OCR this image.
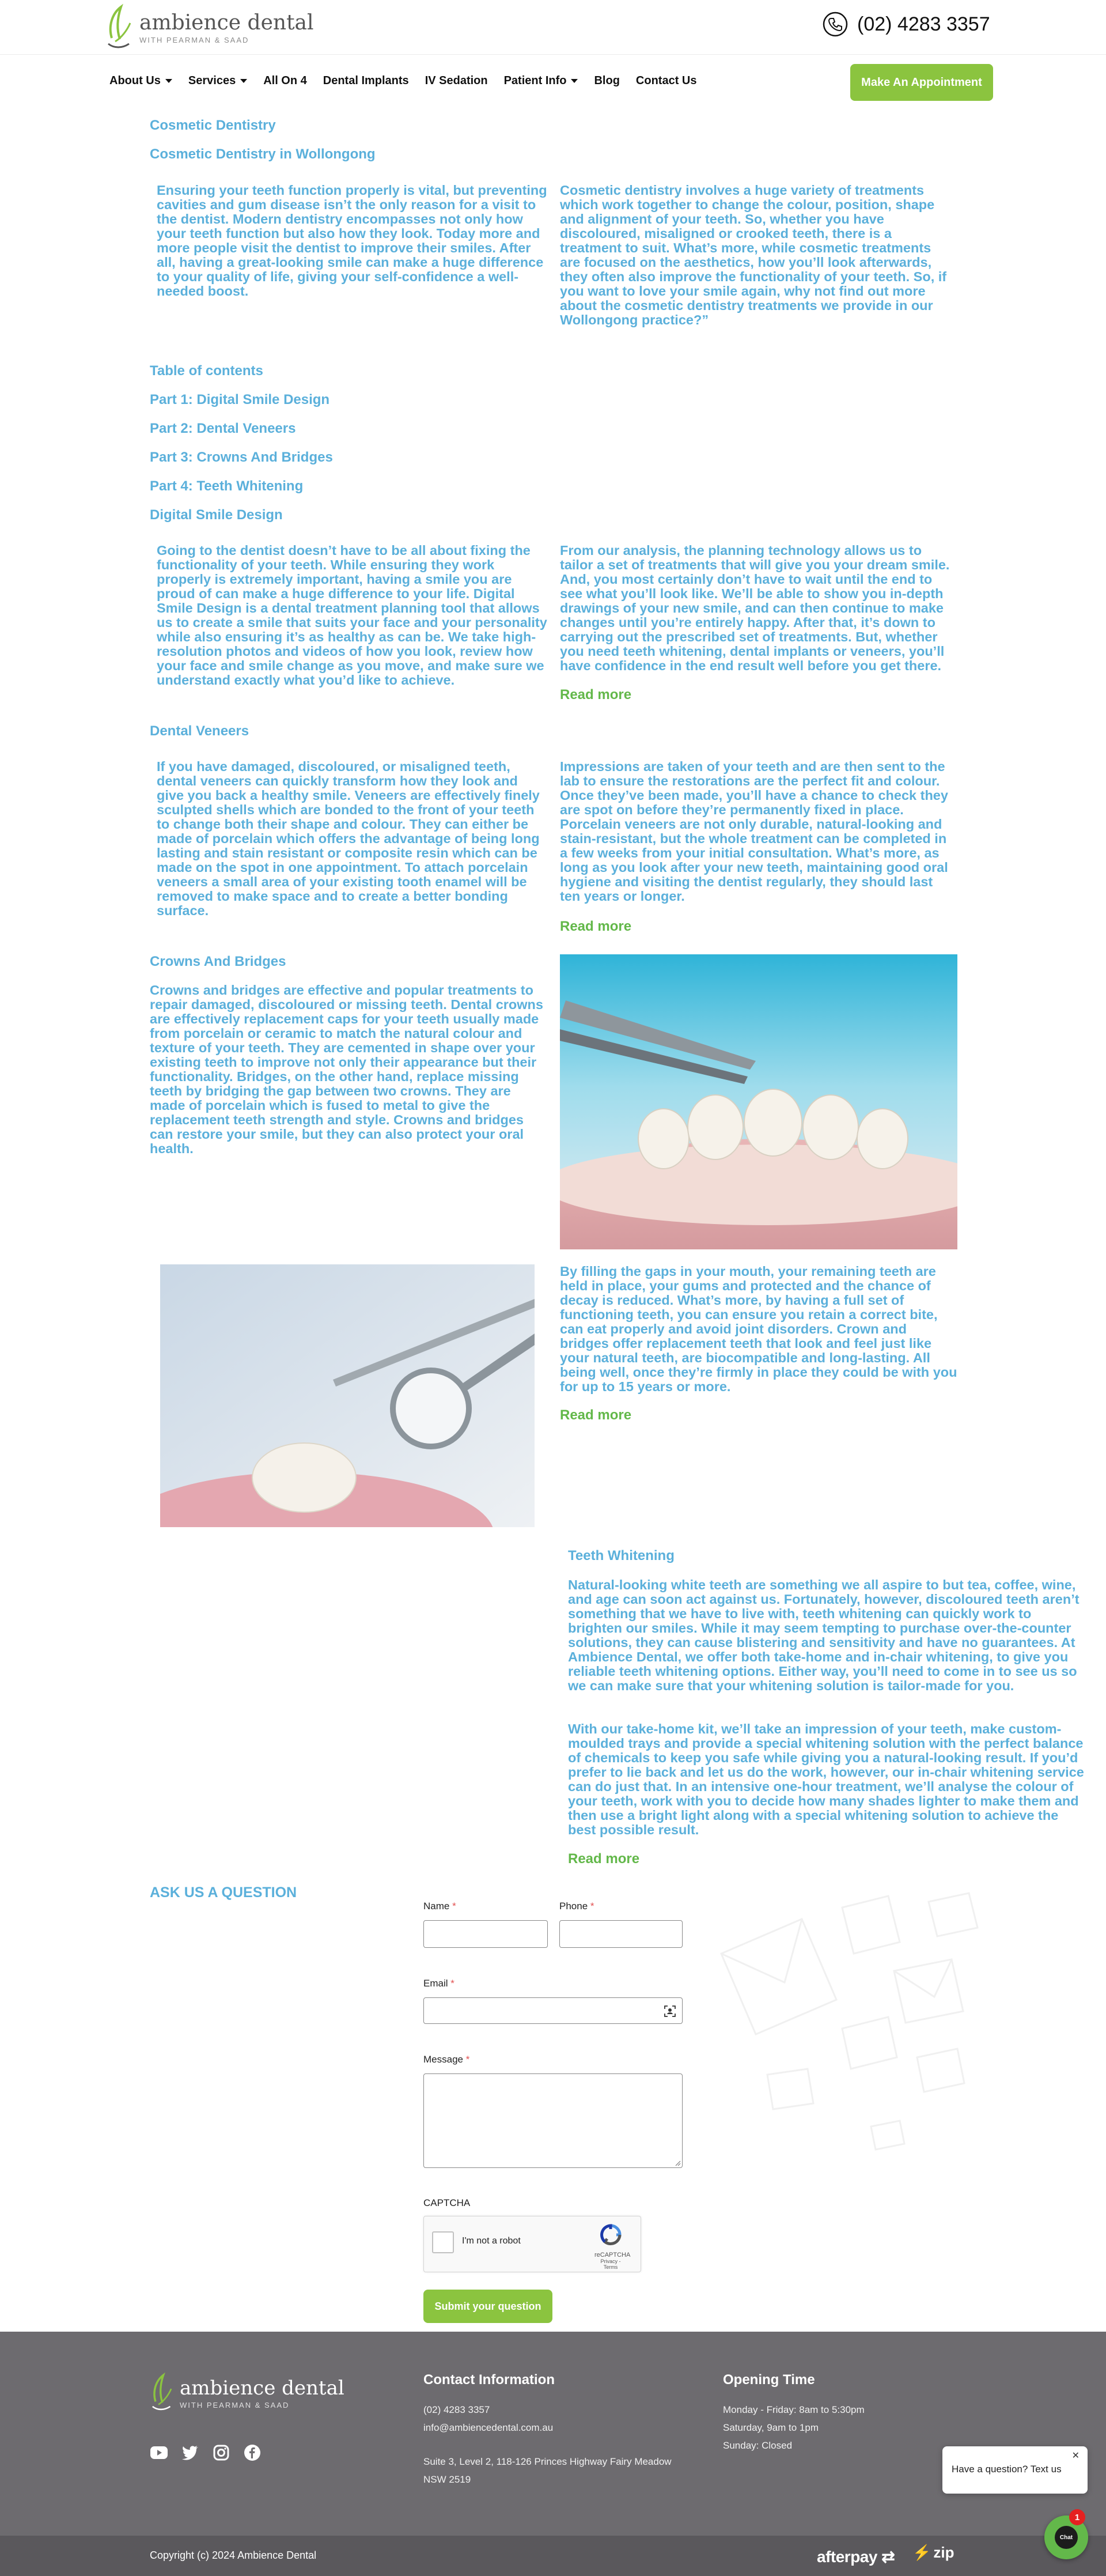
ambience dental
WITH PEARMAN & SAAD
(02) 4283 3357
About Us Services All On 4 Dental Implants IV Sedation Patient Info Blog Contact Us	Make An Appointment
Cosmetic Dentistry
Cosmetic Dentistry in Wollongong
Ensuring your teeth function properly is vital, but preventing cavities and gum disease isn’t the only reason for a visit to the dentist. Modern dentistry encompasses not only how your teeth function but also how they look. Today more and more people visit the dentist to improve their smiles. After all, having a great-looking smile can make a huge difference to your quality of life, giving your self-confidence a well-needed boost.
Cosmetic dentistry involves a huge variety of treatments which work together to change the colour, position, shape and alignment of your teeth. So, whether you have discoloured, misaligned or crooked teeth, there is a treatment to suit. What’s more, while cosmetic treatments are focused on the aesthetics, how you’ll look afterwards, they often also improve the functionality of your teeth. So, if you want to love your smile again, why not find out more about the cosmetic dentistry treatments we provide in our Wollongong practice?”
Table of contents
Part 1: Digital Smile Design
Part 2: Dental Veneers
Part 3: Crowns And Bridges
Part 4: Teeth Whitening
Digital Smile Design
Going to the dentist doesn’t have to be all about fixing the functionality of your teeth. While ensuring they work properly is extremely important, having a smile you are proud of can make a huge difference to your life. Digital Smile Design is a dental treatment planning tool that allows us to create a smile that suits your face and your personality while also ensuring it’s as healthy as can be. We take high-resolution photos and videos of how you look, review how your face and smile change as you move, and make sure we understand exactly what you’d like to achieve.
From our analysis, the planning technology allows us to tailor a set of treatments that will give you your dream smile. And, you most certainly don’t have to wait until the end to see what you’ll look like. We’ll be able to show you in-depth drawings of your new smile, and can then continue to make changes until you’re entirely happy. After that, it’s down to carrying out the prescribed set of treatments. But, whether you need teeth whitening, dental implants or veneers, you’ll have confidence in the end result well before you get there.
Read more
Dental Veneers
If you have damaged, discoloured, or misaligned teeth, dental veneers can quickly transform how they look and give you back a healthy smile. Veneers are effectively finely sculpted shells which are bonded to the front of your teeth to change both their shape and colour. They can either be made of porcelain which offers the advantage of being long lasting and stain resistant or composite resin which can be made on the spot in one appointment. To attach porcelain veneers a small area of your existing tooth enamel will be removed to make space and to create a better bonding surface.
Impressions are taken of your teeth and are then sent to the lab to ensure the restorations are the perfect fit and colour. Once they’ve been made, you’ll have a chance to check they are spot on before they’re permanently fixed in place. Porcelain veneers are not only durable, natural-looking and stain-resistant, but the whole treatment can be completed in a few weeks from your initial consultation. What’s more, as long as you look after your new teeth, maintaining good oral hygiene and visiting the dentist regularly, they should last ten years or longer.
Read more
Crowns And Bridges
Crowns and bridges are effective and popular treatments to repair damaged, discoloured or missing teeth. Dental crowns are effectively replacement caps for your teeth usually made from porcelain or ceramic to match the natural colour and texture of your teeth. They are cemented in shape over your existing teeth to improve not only their appearance but their functionality. Bridges, on the other hand, replace missing teeth by bridging the gap between two crowns. They are made of porcelain which is fused to metal to give the replacement teeth strength and style. Crowns and bridges can restore your smile, but they can also protect your oral health.
By filling the gaps in your mouth, your remaining teeth are held in place, your gums and protected and the chance of decay is reduced. What’s more, by having a full set of functioning teeth, you can ensure you retain a correct bite, can eat properly and avoid joint disorders. Crown and bridges offer replacement teeth that look and feel just like your natural teeth, are biocompatible and long-lasting. All being well, once they’re firmly in place they could be with you for up to 15 years or more.
Read more
Teeth Whitening
Natural-looking white teeth are something we all aspire to but tea, coffee, wine, and age can soon act against us. Fortunately, however, discoloured teeth aren’t something that we have to live with, teeth whitening can quickly work to brighten our smiles. While it may seem tempting to purchase over-the-counter solutions, they can cause blistering and sensitivity and have no guarantees. At Ambience Dental, we offer both take-home and in-chair whitening, to give you reliable teeth whitening options. Either way, you’ll need to come in to see us so we can make sure that your whitening solution is tailor-made for you.
With our take-home kit, we’ll take an impression of your teeth, make custom-moulded trays and provide a special whitening solution with the perfect balance of chemicals to keep you safe while giving you a natural-looking result. If you’d prefer to lie back and let us do the work, however, our in-chair whitening service can do just that. In an intensive one-hour treatment, we’ll analyse the colour of your teeth, work with you to decide how many shades lighter to make them and then use a bright light along with a special whitening solution to achieve the best possible result.
Read more
ASK US A QUESTION
Name *	Phone *
Email *
Message *
CAPTCHA
I'm not a robot
reCAPTCHA
Privacy - Terms
Submit your question
ambience dental
WITH PEARMAN & SAAD
Contact Information
(02) 4283 3357
info@ambiencedental.com.au
Suite 3, Level 2, 118-126 Princes Highway Fairy Meadow
NSW 2519
Opening Time
Monday - Friday: 8am to 5:30pm
Saturday, 9am to 1pm
Sunday: Closed
Copyright (c) 2024 Ambience Dental	afterpay ⇄ ⚡ zip
✕
Have a question? Text us
Chat
1
